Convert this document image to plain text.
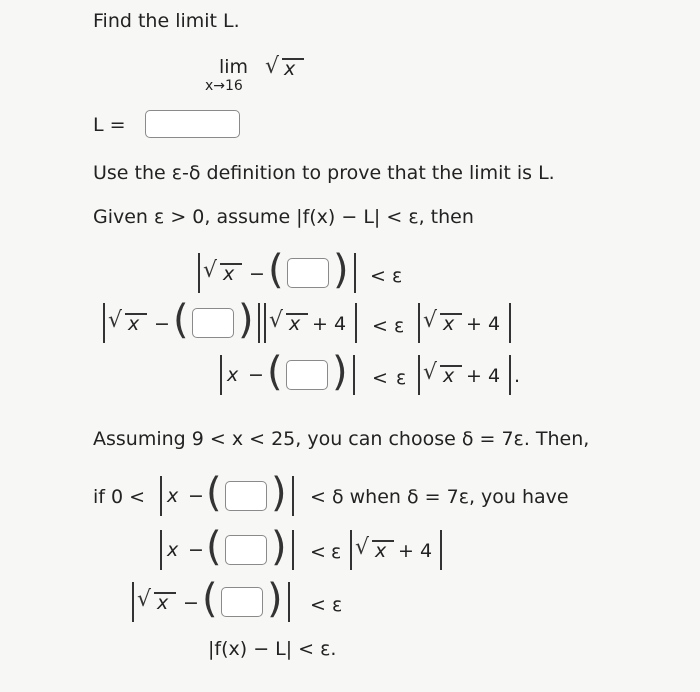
Find the limit L.
lim
x→16
√ x
L =
Use the ε-δ definition to prove that the limit is L.
Given ε > 0, assume |f(x) − L| < ε, then
√ x − ( ) < ε
√ x − ( ) √ x + 4 < ε √ x + 4
x − ( ) < ε √ x + 4 .
Assuming 9 < x < 25, you can choose δ = 7ε. Then,
if 0 < x − ( ) < δ when δ = 7ε, you have
x − ( ) < ε √ x + 4
√ x − ( ) < ε
|f(x) − L| < ε.
